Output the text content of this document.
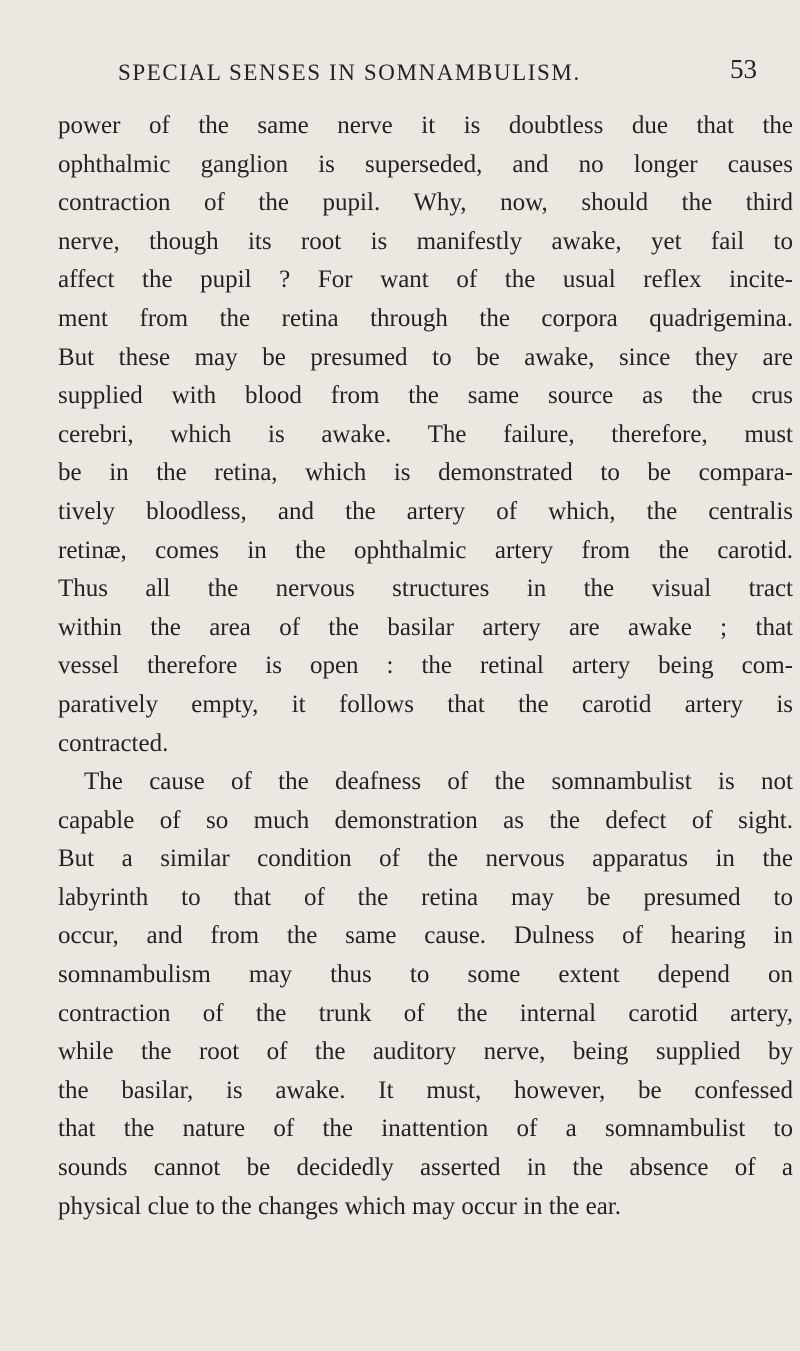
SPECIAL SENSES IN SOMNAMBULISM.	53
power of the same nerve it is doubtless due that the
ophthalmic ganglion is superseded, and no longer causes
contraction of the pupil. Why, now, should the third
nerve, though its root is manifestly awake, yet fail to
affect the pupil ? For want of the usual reflex incite-
ment from the retina through the corpora quadrigemina.
But these may be presumed to be awake, since they are
supplied with blood from the same source as the crus
cerebri, which is awake. The failure, therefore, must
be in the retina, which is demonstrated to be compara-
tively bloodless, and the artery of which, the centralis
retinæ, comes in the ophthalmic artery from the carotid.
Thus all the nervous structures in the visual tract
within the area of the basilar artery are awake ; that
vessel therefore is open : the retinal artery being com-
paratively empty, it follows that the carotid artery is
contracted.
The cause of the deafness of the somnambulist is not
capable of so much demonstration as the defect of sight.
But a similar condition of the nervous apparatus in the
labyrinth to that of the retina may be presumed to
occur, and from the same cause. Dulness of hearing in
somnambulism may thus to some extent depend on
contraction of the trunk of the internal carotid artery,
while the root of the auditory nerve, being supplied by
the basilar, is awake. It must, however, be confessed
that the nature of the inattention of a somnambulist to
sounds cannot be decidedly asserted in the absence of a
physical clue to the changes which may occur in the ear.
